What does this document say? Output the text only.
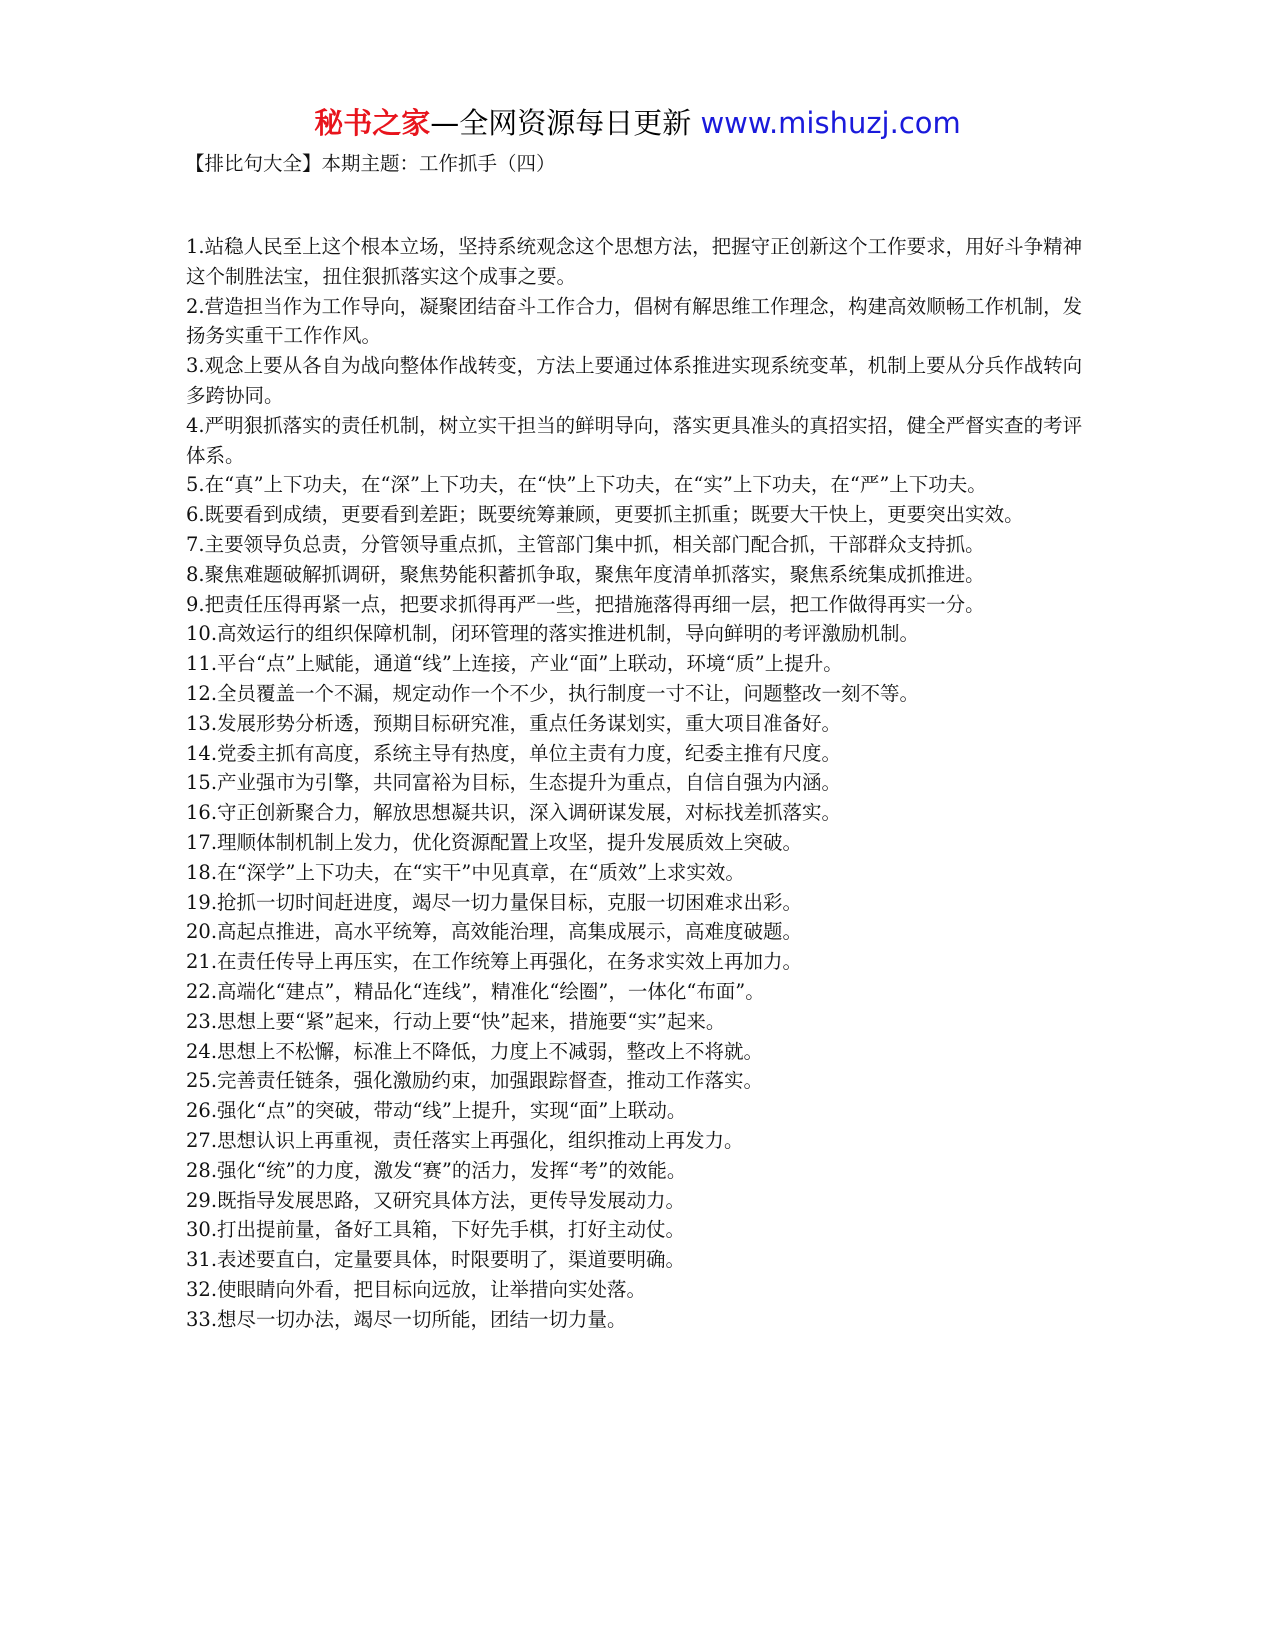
秘书之家—全网资源每日更新 www.mishuzj.com
【排比句大全】本期主题：工作抓手（四）

1.站稳人民至上这个根本立场，坚持系统观念这个思想方法，把握守正创新这个工作要求，用好斗争精神这个制胜法宝，扭住狠抓落实这个成事之要。

2.营造担当作为工作导向，凝聚团结奋斗工作合力，倡树有解思维工作理念，构建高效顺畅工作机制，发扬务实重干工作作风。

3.观念上要从各自为战向整体作战转变，方法上要通过体系推进实现系统变革，机制上要从分兵作战转向多跨协同。

4.严明狠抓落实的责任机制，树立实干担当的鲜明导向，落实更具准头的真招实招，健全严督实查的考评体系。

5.在“真”上下功夫，在“深”上下功夫，在“快”上下功夫，在“实”上下功夫，在“严”上下功夫。

6.既要看到成绩，更要看到差距；既要统筹兼顾，更要抓主抓重；既要大干快上，更要突出实效。

7.主要领导负总责，分管领导重点抓，主管部门集中抓，相关部门配合抓，干部群众支持抓。

8.聚焦难题破解抓调研，聚焦势能积蓄抓争取，聚焦年度清单抓落实，聚焦系统集成抓推进。

9.把责任压得再紧一点，把要求抓得再严一些，把措施落得再细一层，把工作做得再实一分。

10.高效运行的组织保障机制，闭环管理的落实推进机制，导向鲜明的考评激励机制。

11.平台“点”上赋能，通道“线”上连接，产业“面”上联动，环境“质”上提升。

12.全员覆盖一个不漏，规定动作一个不少，执行制度一寸不让，问题整改一刻不等。

13.发展形势分析透，预期目标研究准，重点任务谋划实，重大项目准备好。

14.党委主抓有高度，系统主导有热度，单位主责有力度，纪委主推有尺度。

15.产业强市为引擎，共同富裕为目标，生态提升为重点，自信自强为内涵。

16.守正创新聚合力，解放思想凝共识，深入调研谋发展，对标找差抓落实。

17.理顺体制机制上发力，优化资源配置上攻坚，提升发展质效上突破。

18.在“深学”上下功夫，在“实干”中见真章，在“质效”上求实效。

19.抢抓一切时间赶进度，竭尽一切力量保目标，克服一切困难求出彩。

20.高起点推进，高水平统筹，高效能治理，高集成展示，高难度破题。

21.在责任传导上再压实，在工作统筹上再强化，在务求实效上再加力。

22.高端化“建点”，精品化“连线”，精准化“绘圈”，一体化“布面”。

23.思想上要“紧”起来，行动上要“快”起来，措施要“实”起来。

24.思想上不松懈，标准上不降低，力度上不减弱，整改上不将就。

25.完善责任链条，强化激励约束，加强跟踪督查，推动工作落实。

26.强化“点”的突破，带动“线”上提升，实现“面”上联动。

27.思想认识上再重视，责任落实上再强化，组织推动上再发力。

28.强化“统”的力度，激发“赛”的活力，发挥“考”的效能。

29.既指导发展思路，又研究具体方法，更传导发展动力。

30.打出提前量，备好工具箱，下好先手棋，打好主动仗。

31.表述要直白，定量要具体，时限要明了，渠道要明确。

32.使眼睛向外看，把目标向远放，让举措向实处落。

33.想尽一切办法，竭尽一切所能，团结一切力量。
